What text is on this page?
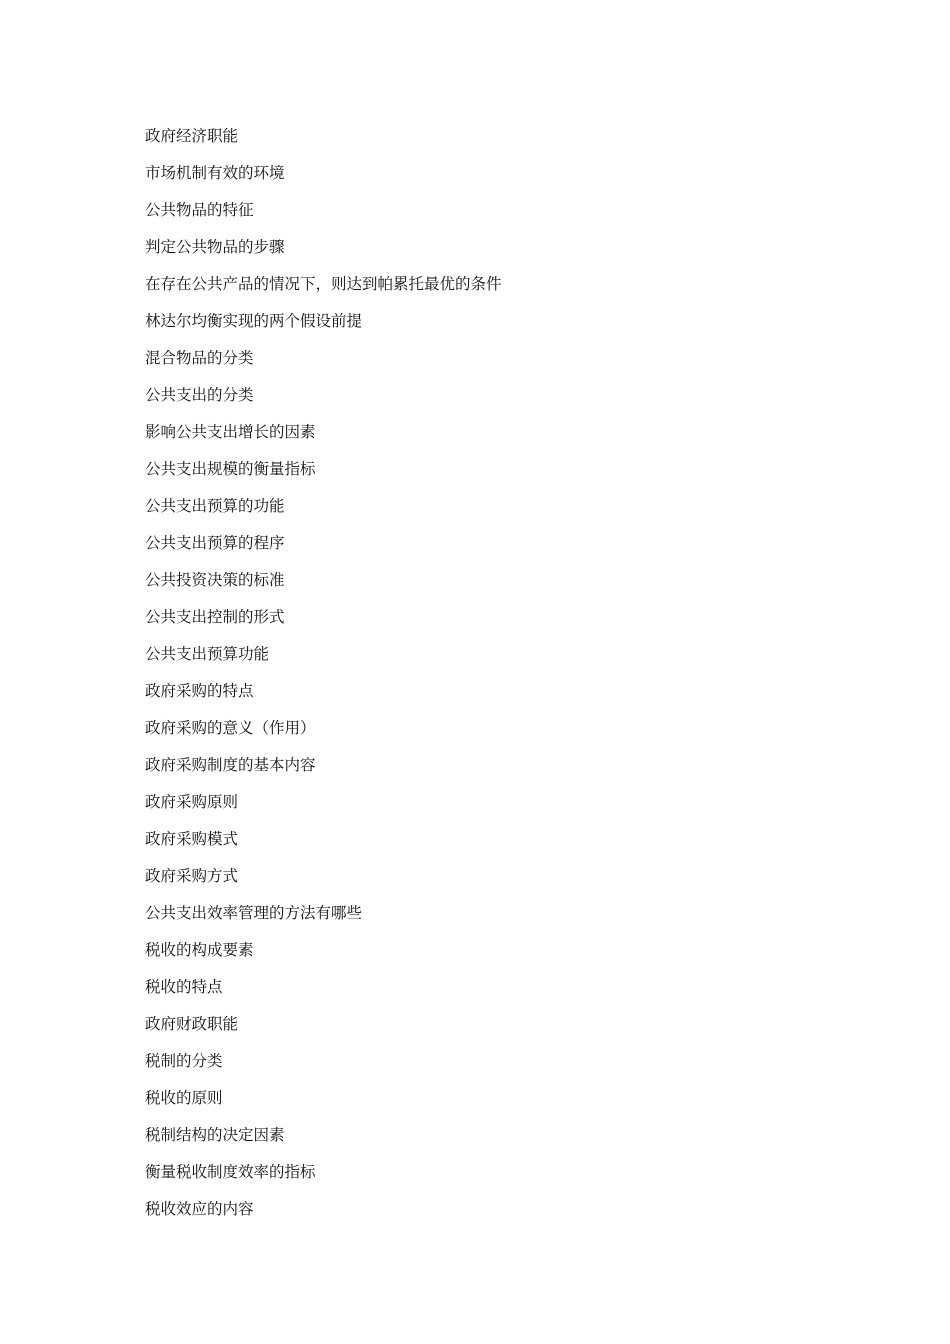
政府经济职能
市场机制有效的环境
公共物品的特征
判定公共物品的步骤
在存在公共产品的情况下，则达到帕累托最优的条件
林达尔均衡实现的两个假设前提
混合物品的分类
公共支出的分类
影响公共支出增长的因素
公共支出规模的衡量指标
公共支出预算的功能
公共支出预算的程序
公共投资决策的标准
公共支出控制的形式
公共支出预算功能
政府采购的特点
政府采购的意义（作用）
政府采购制度的基本内容
政府采购原则
政府采购模式
政府采购方式
公共支出效率管理的方法有哪些
税收的构成要素
税收的特点
政府财政职能
税制的分类
税收的原则
税制结构的决定因素
衡量税收制度效率的指标
税收效应的内容
